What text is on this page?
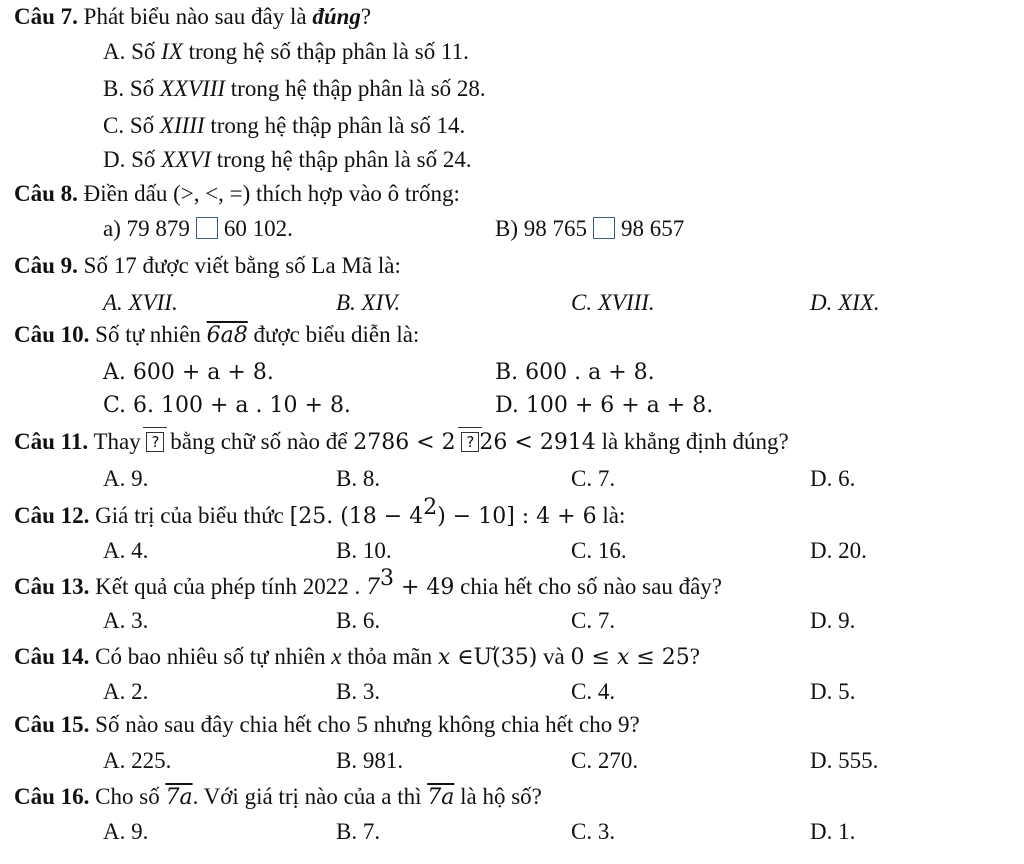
Câu 7. Phát biểu nào sau đây là đúng?
A. Số IX trong hệ số thập phân là số 11.
B. Số XXVIII trong hệ thập phân là số 28.
C. Số XIIII trong hệ thập phân là số 14.
D. Số XXVI trong hệ thập phân là số 24.
Câu 8. Điền dấu (>, <, =) thích hợp vào ô trống:
a) 79 879 60 102.	B) 98 765 98 657
Câu 9. Số 17 được viết bằng số La Mã là:
A. XVII.	B. XIV.	C. XVIII.	D. XIX.
Câu 10. Số tự nhiên 6a8 được biểu diễn là:
A. 600 + a + 8.	B. 600 . a + 8.
C. 6. 100 + a . 10 + 8.	D. 100 + 6 + a + 8.
Câu 11. Thay ? bằng chữ số nào để 2786 < 2 ? 26 < 2914 là khẳng định đúng?
A. 9.	B. 8.	C. 7.	D. 6.
Câu 12. Giá trị của biểu thức [25. $(18 - 4^2) - 10$] : 4 + 6 là:
A. 4.	B. 10.	C. 16.	D. 20.
Câu 13. Kết quả của phép tính 2022 . $7^3 + 49$ chia hết cho số nào sau đây?
A. 3.	B. 6.	C. 7.	D. 9.
Câu 14. Có bao nhiêu số tự nhiên x thỏa mãn x ∈Ư(35) và 0 ≤ x ≤ 25?
A. 2.	B. 3.	C. 4.	D. 5.
Câu 15. Số nào sau đây chia hết cho 5 nhưng không chia hết cho 9?
A. 225.	B. 981.	C. 270.	D. 555.
Câu 16. Cho số 7a. Với giá trị nào của a thì 7a là hộ số?
A. 9.	B. 7.	C. 3.	D. 1.
